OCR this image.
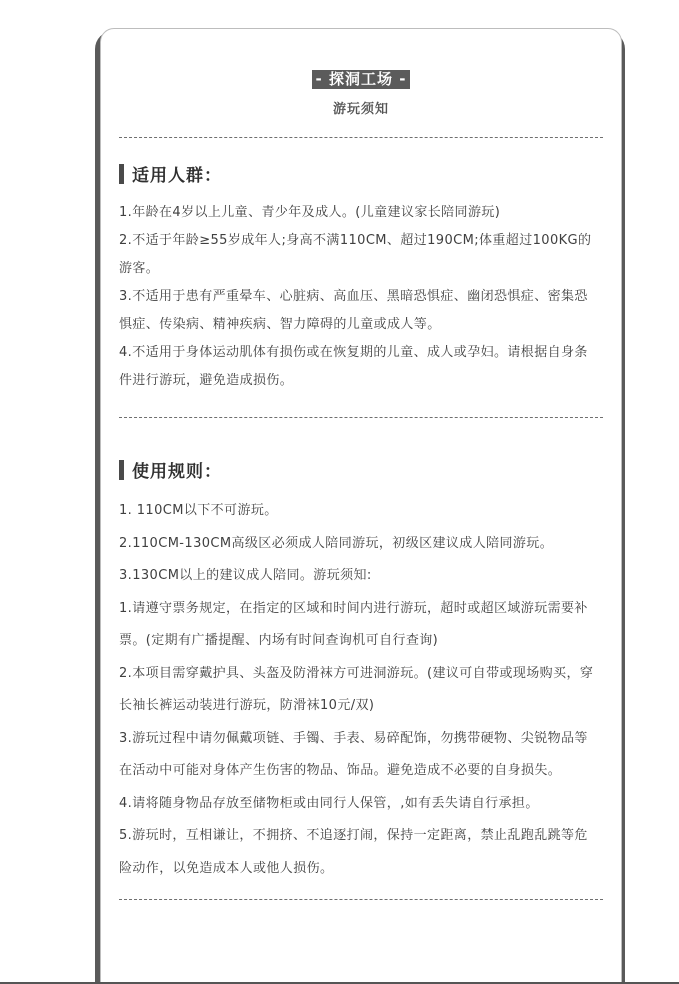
- 探洞工场 -
游玩须知
适用人群：

1.年龄在4岁以上儿童、青少年及成人。(儿童建议家长陪同游玩)

2.不适于年龄≥55岁成年人;身高不满110CM、超过190CM;体重超过100KG的游客。

3.不适用于患有严重晕车、心脏病、高血压、黑暗恐惧症、幽闭恐惧症、密集恐惧症、传染病、精神疾病、智力障碍的儿童或成人等。

4.不适用于身体运动肌体有损伤或在恢复期的儿童、成人或孕妇。请根据自身条件进行游玩，避免造成损伤。

使用规则：

1. 110CM以下不可游玩。

2.110CM-130CM高级区必须成人陪同游玩，初级区建议成人陪同游玩。

3.130CM以上的建议成人陪同。游玩须知:

1.请遵守票务规定，在指定的区域和时间内进行游玩，超时或超区域游玩需要补票。(定期有广播提醒、内场有时间查询机可自行查询)

2.本项目需穿戴护具、头盔及防滑袜方可进洞游玩。(建议可自带或现场购买，穿长袖长裤运动装进行游玩，防滑袜10元/双)

3.游玩过程中请勿佩戴项链、手镯、手表、易碎配饰，勿携带硬物、尖锐物品等在活动中可能对身体产生伤害的物品、饰品。避免造成不必要的自身损失。

4.请将随身物品存放至储物柜或由同行人保管，,如有丢失请自行承担。

5.游玩时，互相谦让，不拥挤、不追逐打闹，保持一定距离，禁止乱跑乱跳等危险动作，以免造成本人或他人损伤。
